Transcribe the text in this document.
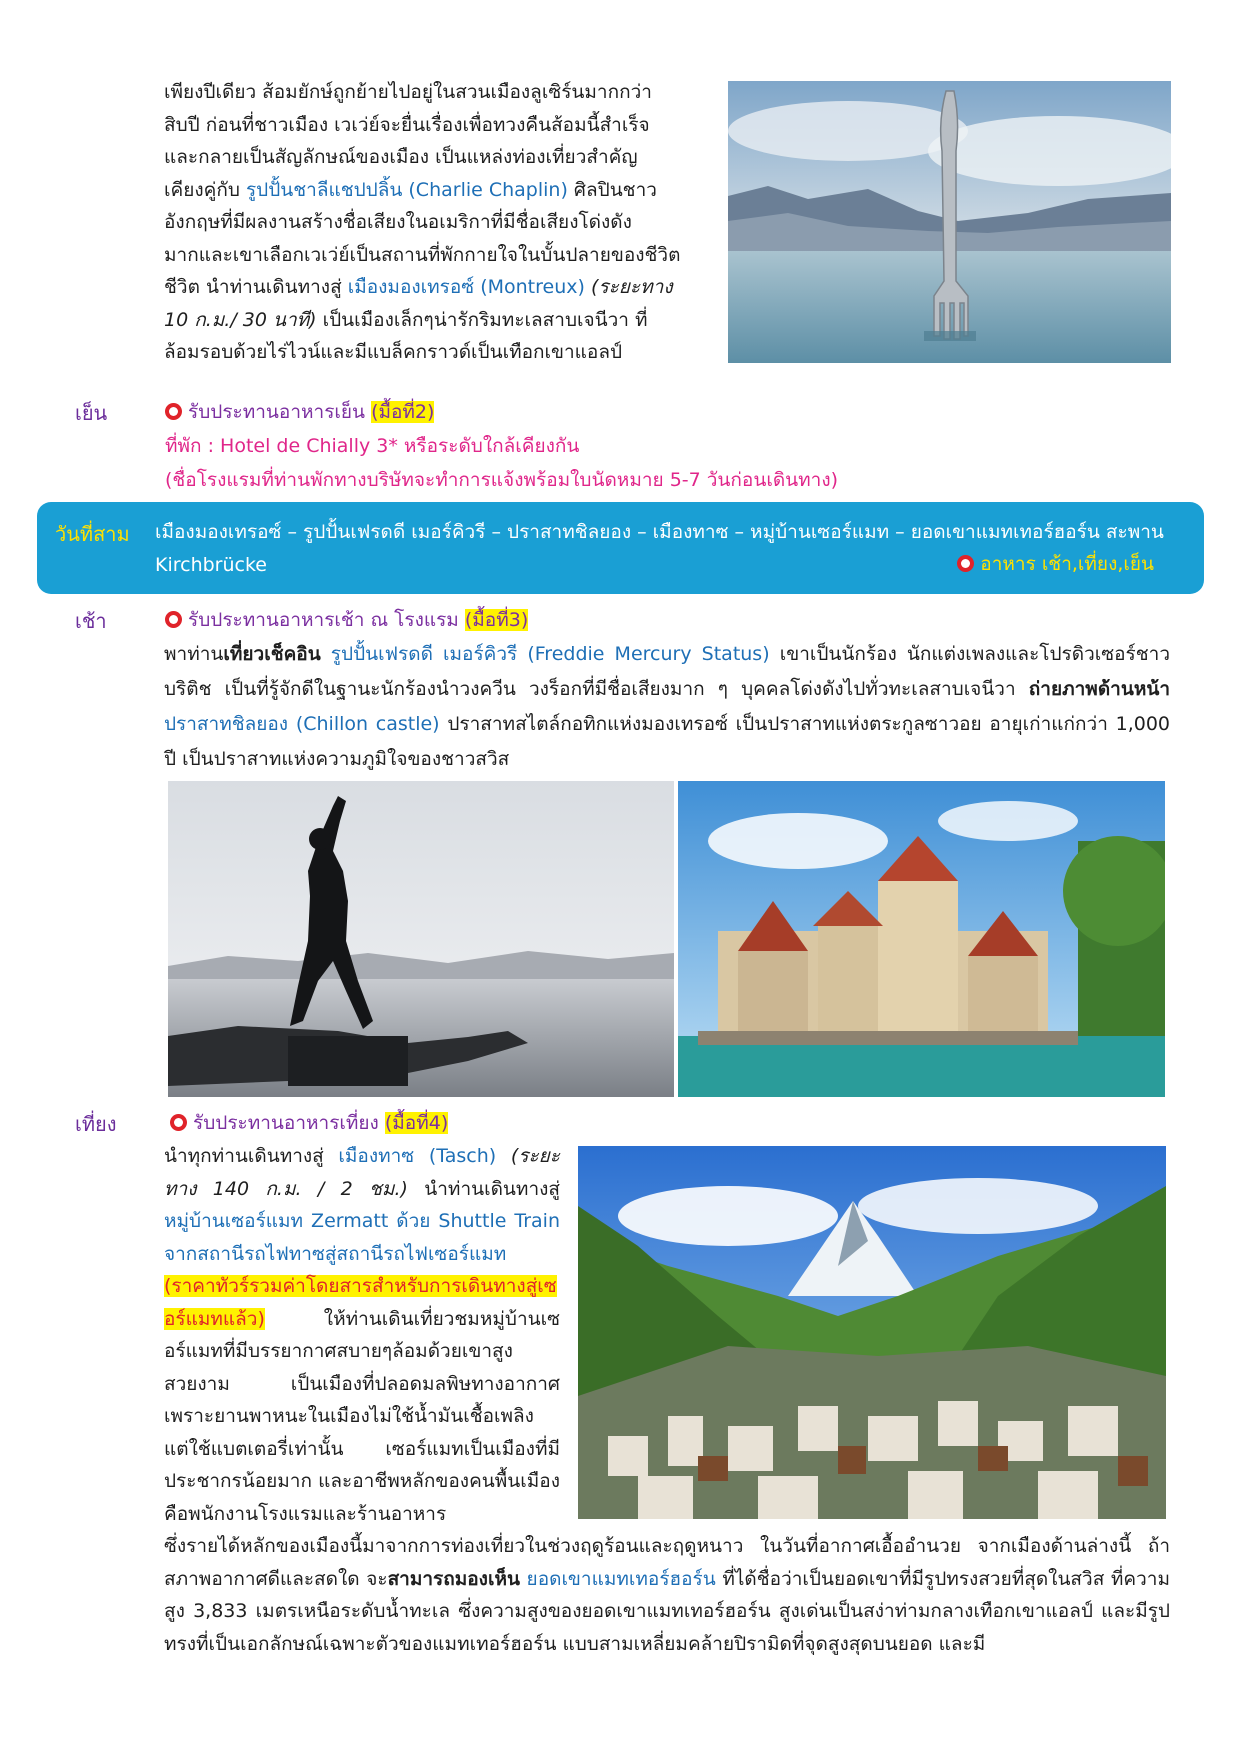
เพียงปีเดียว ส้อมยักษ์ถูกย้ายไปอยู่ในสวนเมืองลูเซิร์นมากกว่า

สิบปี ก่อนที่ชาวเมือง เวเว่ย์จะยื่นเรื่องเพื่อทวงคืนส้อมนี้สำเร็จ

และกลายเป็นสัญลักษณ์ของเมือง เป็นแหล่งท่องเที่ยวสำคัญ

เคียงคู่กับ รูปปั้นชาลีแชปปลิ้น (Charlie Chaplin) ศิลปินชาว

อังกฤษที่มีผลงานสร้างชื่อเสียงในอเมริกาที่มีชื่อเสียงโด่งดัง

มากและเขาเลือกเวเว่ย์เป็นสถานที่พักกายใจในบั้นปลายของชีวิต

ชีวิต นำท่านเดินทางสู่ เมืองมองเทรอซ์ (Montreux) (ระยะทาง

10 ก.ม./ 30 นาที) เป็นเมืองเล็กๆน่ารักริมทะเลสาบเจนีวา ที่

ล้อมรอบด้วยไร่ไวน์และมีแบล็คกราวด์เป็นเทือกเขาแอลป์

เย็น	รับประทานอาหารเย็น (มื้อที่2)
ที่พัก : Hotel de Chially 3* หรือระดับใกล้เคียงกัน
(ชื่อโรงแรมที่ท่านพักทางบริษัทจะทำการแจ้งพร้อมใบนัดหมาย 5-7 วันก่อนเดินทาง)
วันที่สาม เมืองมองเทรอซ์ – รูปปั้นเฟรดดี เมอร์คิวรี – ปราสาทชิลยอง – เมืองทาซ – หมู่บ้านเซอร์แมท – ยอดเขาแมทเทอร์ฮอร์น สะพาน Kirchbrücke	อาหาร เช้า,เที่ยง,เย็น
เช้า	รับประทานอาหารเช้า ณ โรงแรม (มื้อที่3)
พาท่านเที่ยวเช็คอิน รูปปั้นเฟรดดี เมอร์คิวรี (Freddie Mercury Status) เขาเป็นนักร้อง นักแต่งเพลงและโปรดิวเซอร์ชาวบริติช เป็นที่รู้จักดีในฐานะนักร้องนำวงควีน วงร็อกที่มีชื่อเสียงมาก ๆ บุคคลโด่งดังไปทั่วทะเลสาบเจนีวา ถ่ายภาพด้านหน้า ปราสาทชิลยอง (Chillon castle) ปราสาทสไตล์กอทิกแห่งมองเทรอซ์ เป็นปราสาทแห่งตระกูลซาวอย อายุเก่าแก่กว่า 1,000 ปี เป็นปราสาทแห่งความภูมิใจของชาวสวิส
เที่ยง	รับประทานอาหารเที่ยง (มื้อที่4)
นำทุกท่านเดินทางสู่ เมืองทาซ (Tasch) (ระยะทาง 140 ก.ม. / 2 ชม.) นำท่านเดินทางสู่ หมู่บ้านเซอร์แมท Zermatt ด้วย Shuttle Train จากสถานีรถไฟทาซสู่สถานีรถไฟเซอร์แมท (ราคาทัวร์รวมค่าโดยสารสำหรับการเดินทางสู่เซอร์แมทแล้ว) ให้ท่านเดินเที่ยวชมหมู่บ้านเซอร์แมทที่มีบรรยากาศสบายๆล้อมด้วยเขาสูงสวยงาม เป็นเมืองที่ปลอดมลพิษทางอากาศ เพราะยานพาหนะในเมืองไม่ใช้น้ำมันเชื้อเพลิง แต่ใช้แบตเตอรี่เท่านั้น เซอร์แมทเป็นเมืองที่มีประชากรน้อยมาก และอาชีพหลักของคนพื้นเมือง คือพนักงานโรงแรมและร้านอาหาร
ซึ่งรายได้หลักของเมืองนี้มาจากการท่องเที่ยวในช่วงฤดูร้อนและฤดูหนาว ในวันที่อากาศเอื้ออำนวย จากเมืองด้านล่างนี้ ถ้าสภาพอากาศดีและสดใด จะสามารถมองเห็น ยอดเขาแมทเทอร์ฮอร์น ที่ได้ชื่อว่าเป็นยอดเขาที่มีรูปทรงสวยที่สุดในสวิส ที่ความสูง 3,833 เมตรเหนือระดับน้ำทะเล ซึ่งความสูงของยอดเขาแมทเทอร์ฮอร์น สูงเด่นเป็นสง่าท่ามกลางเทือกเขาแอลป์ และมีรูปทรงที่เป็นเอกลักษณ์เฉพาะตัวของแมทเทอร์ฮอร์น แบบสามเหลี่ยมคล้ายปิรามิดที่จุดสูงสุดบนยอด และมี
